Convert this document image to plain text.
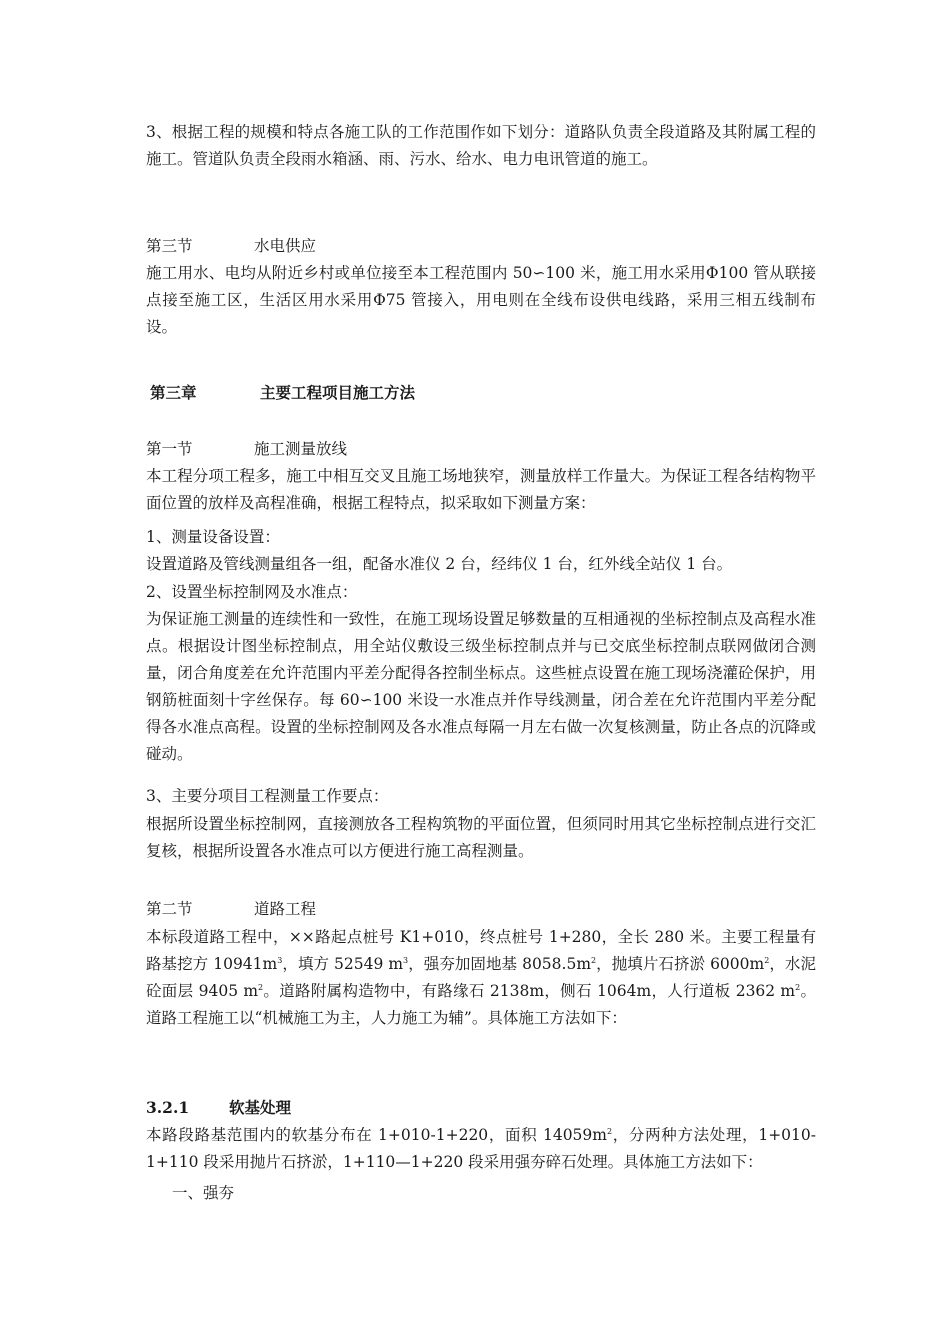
3、根据工程的规模和特点各施工队的工作范围作如下划分：道路队负责全段道路及其附属工程的施工。管道队负责全段雨水箱涵、雨、污水、给水、电力电讯管道的施工。

第三节	水电供应

施工用水、电均从附近乡村或单位接至本工程范围内 50∽100 米，施工用水采用Φ100 管从联接点接至施工区，生活区用水采用Φ75 管接入，用电则在全线布设供电线路，采用三相五线制布设。

第三章	主要工程项目施工方法

第一节	施工测量放线

本工程分项工程多，施工中相互交叉且施工场地狭窄，测量放样工作量大。为保证工程各结构物平面位置的放样及高程准确，根据工程特点，拟采取如下测量方案：

1、测量设备设置：

设置道路及管线测量组各一组，配备水准仪 2 台，经纬仪 1 台，红外线全站仪 1 台。

2、设置坐标控制网及水准点：

为保证施工测量的连续性和一致性，在施工现场设置足够数量的互相通视的坐标控制点及高程水准点。根据设计图坐标控制点，用全站仪敷设三级坐标控制点并与已交底坐标控制点联网做闭合测量，闭合角度差在允许范围内平差分配得各控制坐标点。这些桩点设置在施工现场浇灌砼保护，用钢筋桩面刻十字丝保存。每 60∽100 米设一水准点并作导线测量，闭合差在允许范围内平差分配得各水准点高程。设置的坐标控制网及各水准点每隔一月左右做一次复核测量，防止各点的沉降或碰动。

3、主要分项目工程测量工作要点：

根据所设置坐标控制网，直接测放各工程构筑物的平面位置，但须同时用其它坐标控制点进行交汇复核，根据所设置各水准点可以方便进行施工高程测量。

第二节	道路工程

本标段道路工程中，××路起点桩号 K1+010，终点桩号 1+280，全长 280 米。主要工程量有路基挖方 $10941m^3$，填方 52549 $m^3$，强夯加固地基 $8058.5m^2$，抛填片石挤淤 $6000m^2$，水泥砼面层 9405 $m^2$。道路附属构造物中，有路缘石 2138m，侧石 1064m，人行道板 2362 $m^2$。道路工程施工以“机械施工为主，人力施工为辅”。具体施工方法如下：

3.2.1	软基处理

本路段路基范围内的软基分布在 1+010-1+220，面积 $14059m^2$，分两种方法处理，1+010-1+110 段采用抛片石挤淤，1+110—1+220 段采用强夯碎石处理。具体施工方法如下：

一、强夯
